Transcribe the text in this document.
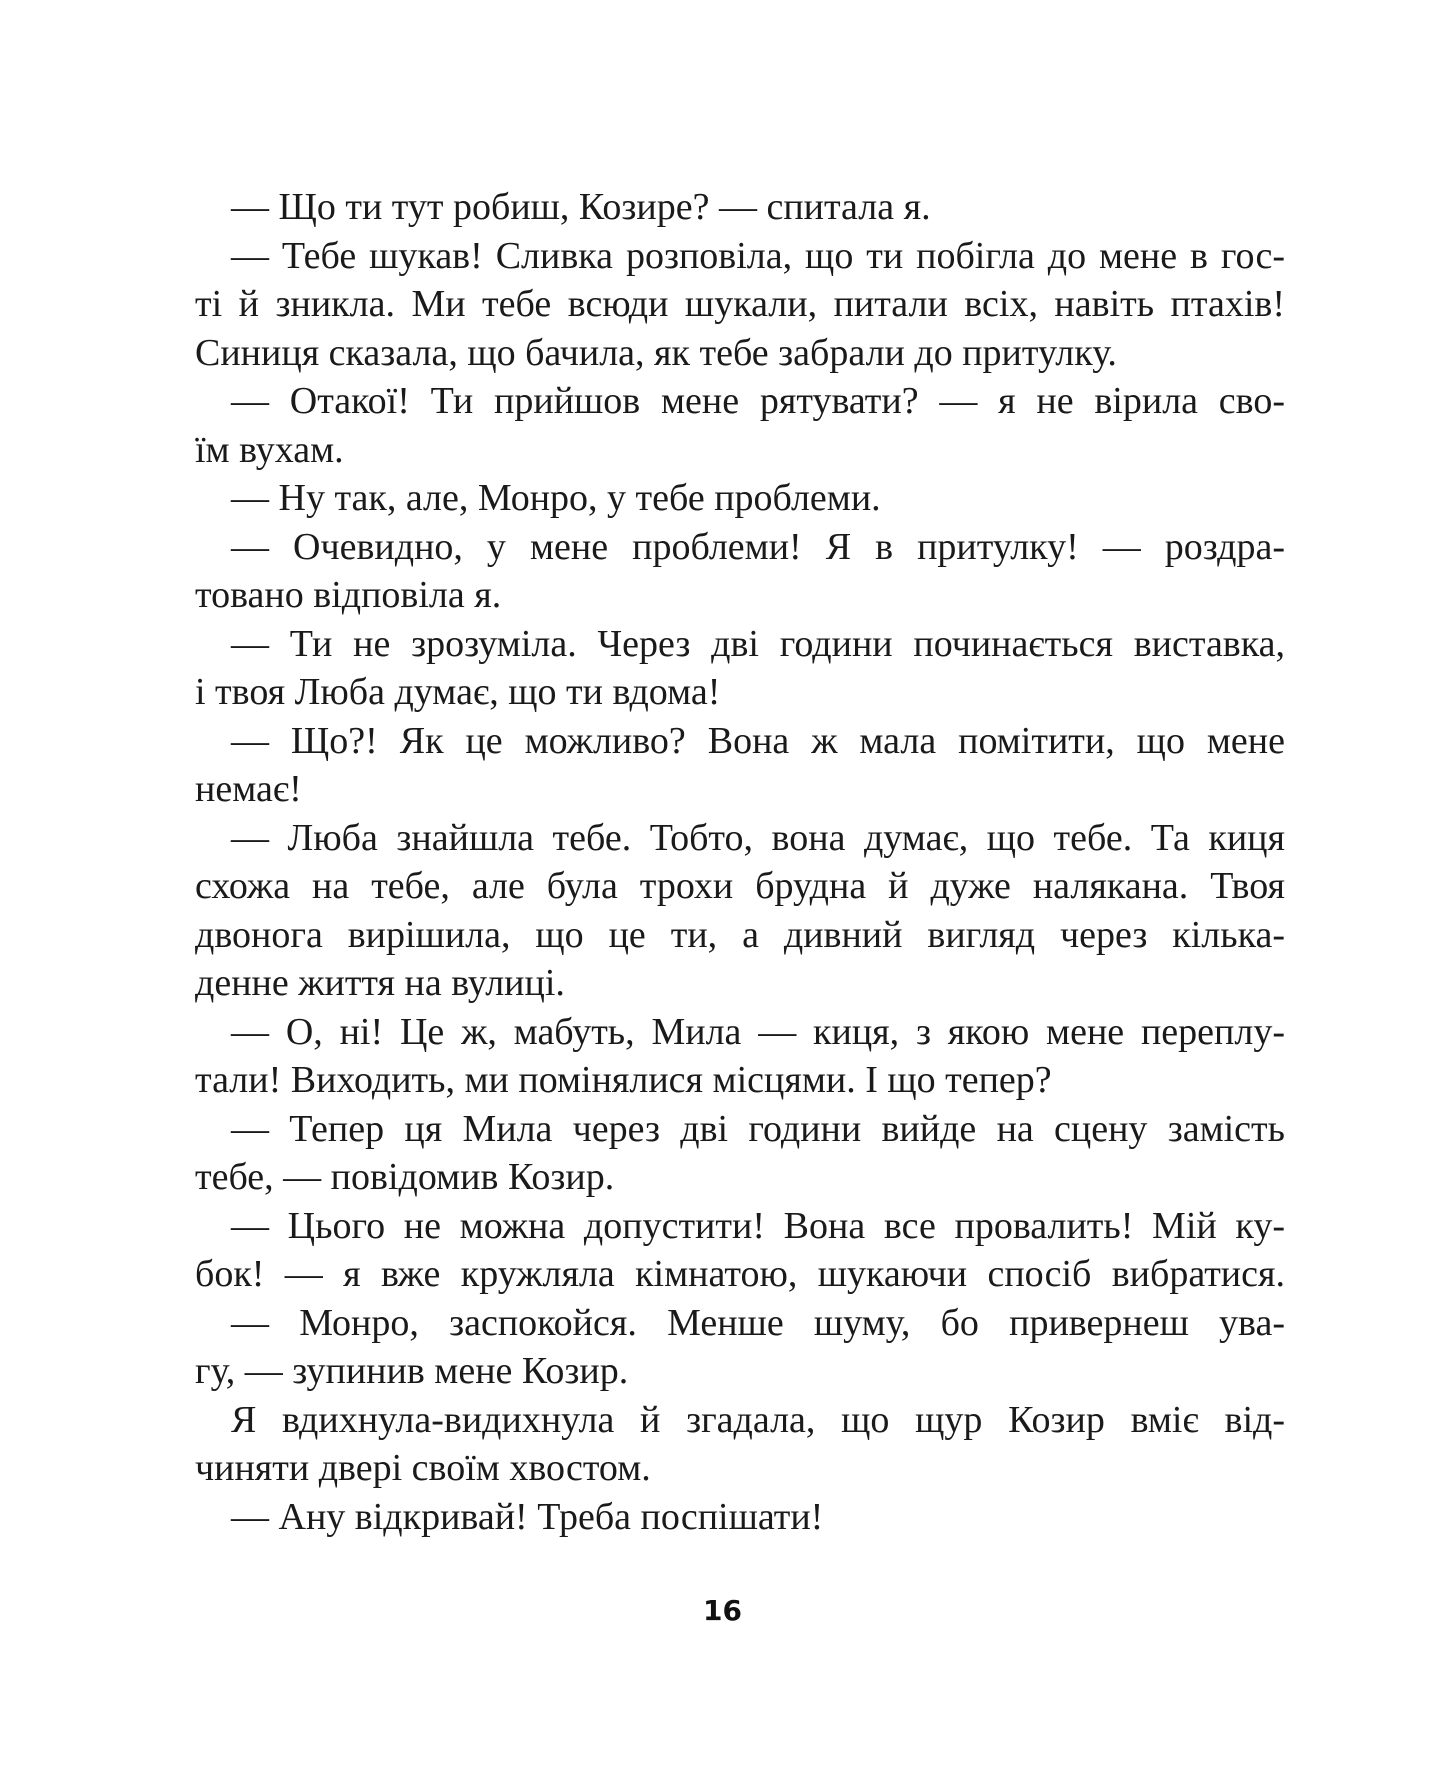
— Що ти тут робиш, Козире? — спитала я.
— Тебе шукав! Сливка розповіла, що ти побігла до мене в гос-
ті й зникла. Ми тебе всюди шукали, питали всіх, навіть птахів!
Синиця сказала, що бачила, як тебе забрали до притулку.
— Отакої! Ти прийшов мене рятувати? — я не вірила сво-
їм вухам.
— Ну так, але, Монро, у тебе проблеми.
— Очевидно, у мене проблеми! Я в притулку! — роздра-
товано відповіла я.
— Ти не зрозуміла. Через дві години починається виставка,
і твоя Люба думає, що ти вдома!
— Що?! Як це можливо? Вона ж мала помітити, що мене
немає!
— Люба знайшла тебе. Тобто, вона думає, що тебе. Та киця
схожа на тебе, але була трохи брудна й дуже налякана. Твоя
двонога вирішила, що це ти, а дивний вигляд через кілька-
денне життя на вулиці.
— О, ні! Це ж, мабуть, Мила — киця, з якою мене переплу-
тали! Виходить, ми помінялися місцями. І що тепер?
— Тепер ця Мила через дві години вийде на сцену замість
тебе, — повідомив Козир.
— Цього не можна допустити! Вона все провалить! Мій ку-
бок! — я вже кружляла кімнатою, шукаючи спосіб вибратися.
— Монро, заспокойся. Менше шуму, бо привернеш ува-
гу, — зупинив мене Козир.
Я вдихнула-видихнула й згадала, що щур Козир вміє від-
чиняти двері своїм хвостом.
— Ану відкривай! Треба поспішати!
16
